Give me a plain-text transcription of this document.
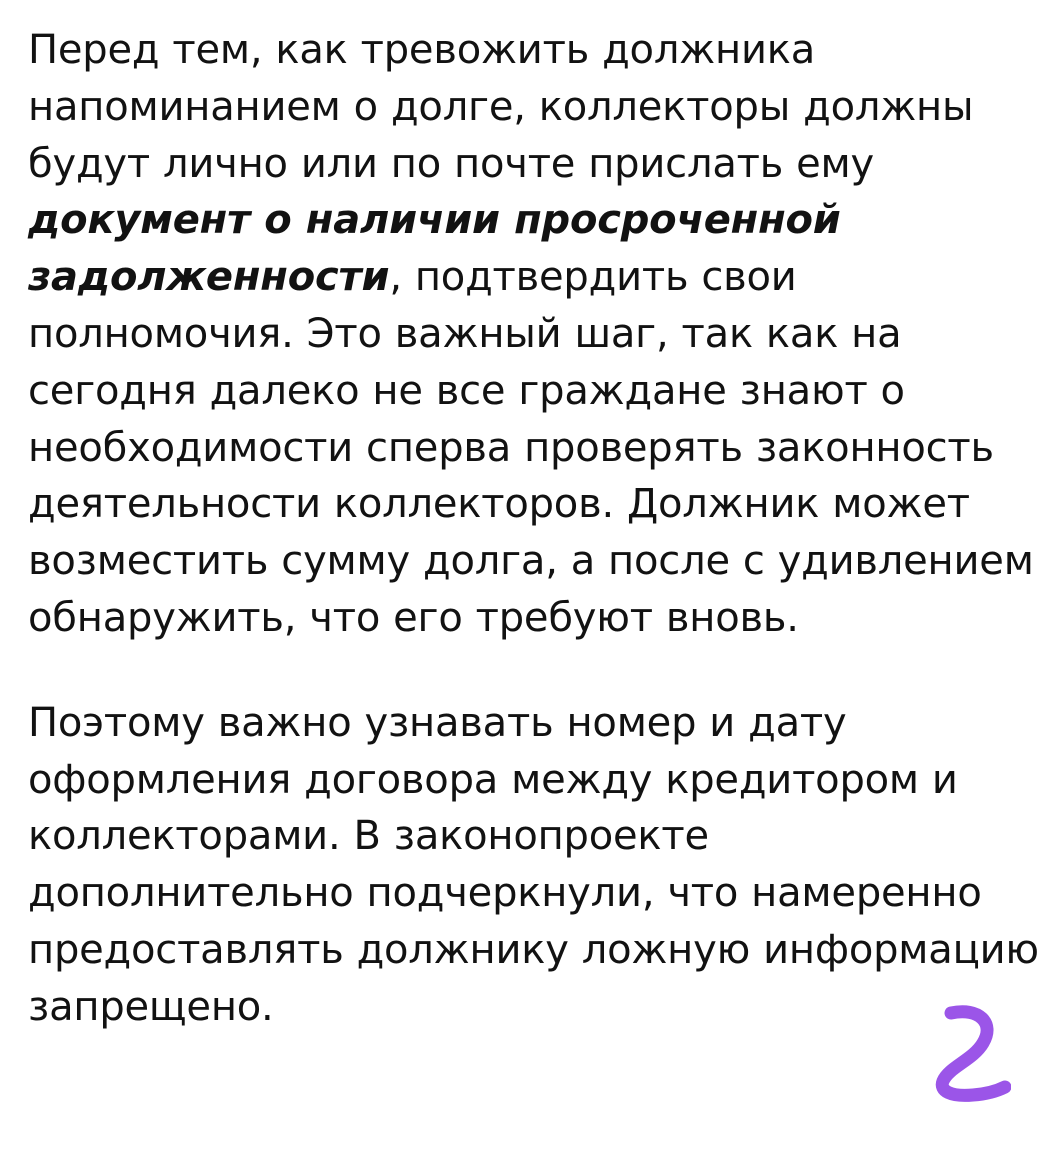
Перед тем, как тревожить должника напоминанием о долге, коллекторы должны будут лично или по почте прислать ему документ о наличии просроченной задолженности, подтвердить свои полномочия. Это важный шаг, так как на сегодня далеко не все граждане знают о необходимости сперва проверять законность деятельности коллекторов. Должник может возместить сумму долга, а после с удивлением обнаружить, что его требуют вновь.

Поэтому важно узнавать номер и дату оформления договора между кредитором и коллекторами. В законопроекте дополнительно подчеркнули, что намеренно предоставлять должнику ложную информацию запрещено.
